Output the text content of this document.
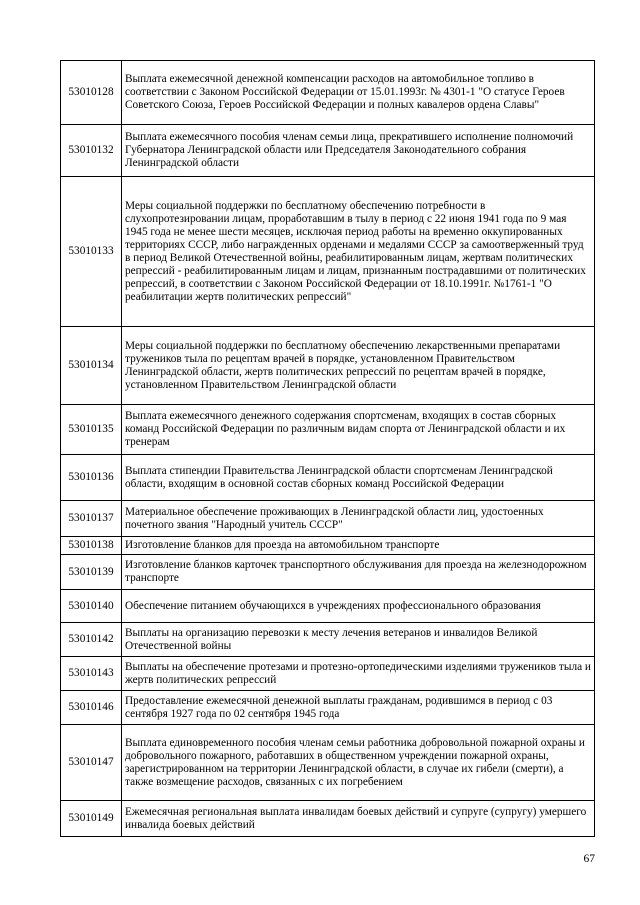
53010128	Выплата ежемесячной денежной компенсации расходов на автомобильное топливо в соответствии с Законом Российской Федерации от 15.01.1993г. № 4301-1 "О статусе Героев Советского Союза, Героев Российской Федерации и полных кавалеров ордена Славы"
53010132	Выплата ежемесячного пособия членам семьи лица, прекратившего исполнение полномочий Губернатора Ленинградской области или Председателя Законодательного собрания Ленинградской области
53010133	Меры социальной поддержки по бесплатному обеспечению потребности в слухопротезировании лицам, проработавшим в тылу в период с 22 июня 1941 года по 9 мая 1945 года не менее шести месяцев, исключая период работы на временно оккупированных территориях СССР, либо награжденных орденами и медалями СССР за самоотверженный труд в период Великой Отечественной войны, реабилитированным лицам, жертвам политических репрессий - реабилитированным лицам и лицам, признанным пострадавшими от политических репрессий, в соответствии с Законом Российской Федерации от 18.10.1991г. №1761-1 "О реабилитации жертв политических репрессий"
53010134	Меры социальной поддержки по бесплатному обеспечению лекарственными препаратами тружеников тыла по рецептам врачей в порядке, установленном Правительством Ленинградской области, жертв политических репрессий по рецептам врачей в порядке, установленном Правительством Ленинградской области
53010135	Выплата ежемесячного денежного содержания спортсменам, входящих в состав сборных команд Российской Федерации по различным видам спорта от Ленинградской области и их тренерам
53010136	Выплата стипендии Правительства Ленинградской области спортсменам Ленинградской области, входящим в основной состав сборных команд Российской Федерации
53010137	Материальное обеспечение проживающих в Ленинградской области лиц, удостоенных почетного звания "Народный учитель СССР"
53010138	Изготовление бланков для проезда на автомобильном транспорте
53010139	Изготовление бланков карточек транспортного обслуживания для проезда на железнодорожном транспорте
53010140	Обеспечение питанием обучающихся в учреждениях профессионального образования
53010142	Выплаты на организацию перевозки к месту лечения ветеранов и инвалидов Великой Отечественной войны
53010143	Выплаты на обеспечение протезами и протезно-ортопедическими изделиями тружеников тыла и жертв политических репрессий
53010146	Предоставление ежемесячной денежной выплаты гражданам, родившимся в период с 03 сентября 1927 года по 02 сентября 1945 года
53010147	Выплата единовременного пособия членам семьи работника добровольной пожарной охраны и добровольного пожарного, работавших в общественном учреждении пожарной охраны, зарегистрированном на территории Ленинградской области, в случае их гибели (смерти), а также возмещение расходов, связанных с их погребением
53010149	Ежемесячная региональная выплата инвалидам боевых действий и супруге (супругу) умершего инвалида боевых действий
67
